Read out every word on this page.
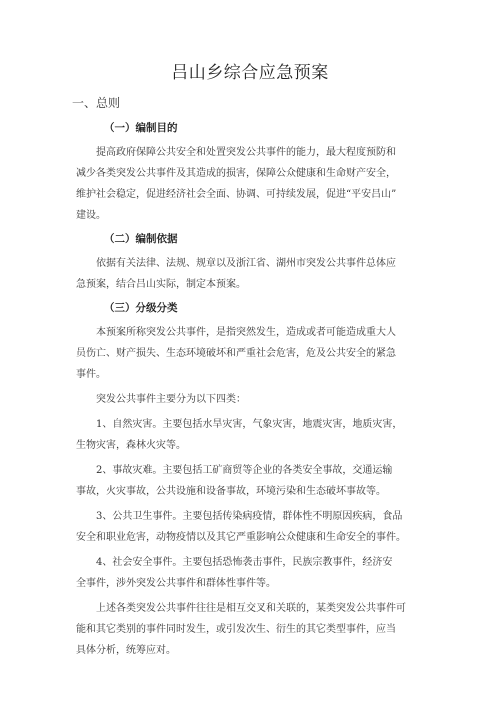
吕山乡综合应急预案
一、总则
（一）编制目的
提高政府保障公共安全和处置突发公共事件的能力，最大程度预防和
减少各类突发公共事件及其造成的损害，保障公众健康和生命财产安全，
维护社会稳定，促进经济社会全面、协调、可持续发展，促进“平安吕山”
建设。
（二）编制依据
依据有关法律、法规、规章以及浙江省、湖州市突发公共事件总体应
急预案，结合吕山实际，制定本预案。
（三）分级分类
本预案所称突发公共事件，是指突然发生，造成或者可能造成重大人
员伤亡、财产损失、生态环境破坏和严重社会危害，危及公共安全的紧急
事件。
突发公共事件主要分为以下四类：
1、自然灾害。主要包括水旱灾害，气象灾害，地震灾害，地质灾害，
生物灾害，森林火灾等。
2、事故灾难。主要包括工矿商贸等企业的各类安全事故，交通运输
事故，火灾事故，公共设施和设备事故，环境污染和生态破坏事故等。
3、公共卫生事件。主要包括传染病疫情，群体性不明原因疾病，食品
安全和职业危害，动物疫情以及其它严重影响公众健康和生命安全的事件。
4、社会安全事件。主要包括恐怖袭击事件，民族宗教事件，经济安
全事件，涉外突发公共事件和群体性事件等。
上述各类突发公共事件往往是相互交叉和关联的，某类突发公共事件可
能和其它类别的事件同时发生，或引发次生、衍生的其它类型事件，应当
具体分析，统筹应对。
